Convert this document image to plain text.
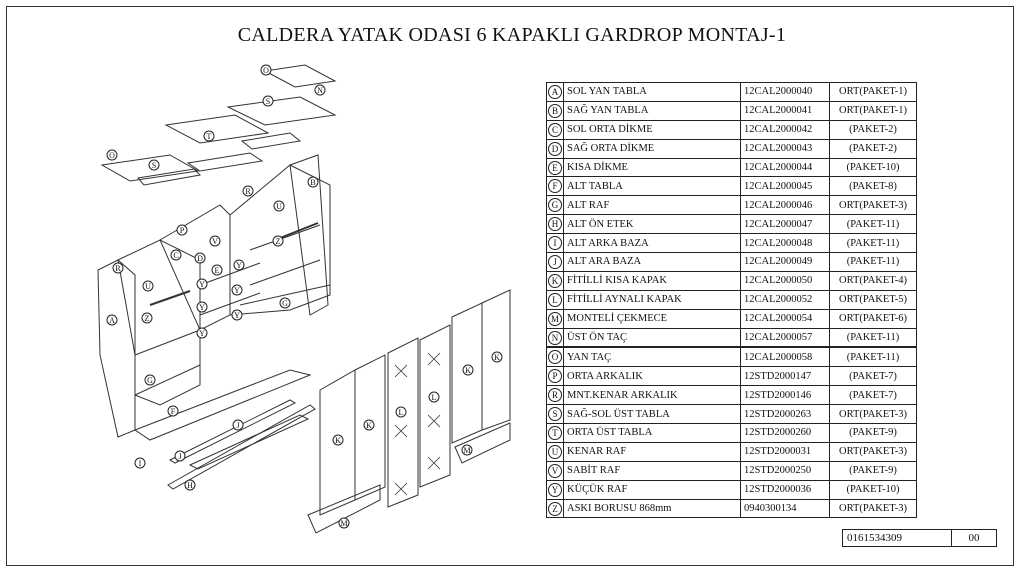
CALDERA YATAK ODASI 6 KAPAKLI GARDROP MONTAJ-1
O
N
S
T
O
S
B
R
U
P
V	Z
C D
R	E
Y
U	Y
Y
G
Y
Z	Y
A
Y
G
F
J
J
I
H
K
K
L
L
K
K
M
M
A	SOL YAN TABLA	12CAL2000040	ORT(PAKET-1)
B	SAĞ YAN TABLA	12CAL2000041	ORT(PAKET-1)
C	SOL ORTA DİKME	12CAL2000042	(PAKET-2)
D	SAĞ ORTA DİKME	12CAL2000043	(PAKET-2)
E	KISA DİKME	12CAL2000044	(PAKET-10)
F	ALT TABLA	12CAL2000045	(PAKET-8)
G	ALT RAF	12CAL2000046	ORT(PAKET-3)
H	ALT ÖN ETEK	12CAL2000047	(PAKET-11)
I	ALT ARKA BAZA	12CAL2000048	(PAKET-11)
J	ALT ARA BAZA	12CAL2000049	(PAKET-11)
K	FİTİLLİ KISA KAPAK	12CAL2000050	ORT(PAKET-4)
L	FİTİLLİ AYNALI KAPAK	12CAL2000052	ORT(PAKET-5)
M	MONTELİ ÇEKMECE	12CAL2000054	ORT(PAKET-6)
N	ÜST ÖN TAÇ	12CAL2000057	(PAKET-11)
O	YAN TAÇ	12CAL2000058	(PAKET-11)
P	ORTA ARKALIK	12STD2000147	(PAKET-7)
R	MNT.KENAR ARKALIK	12STD2000146	(PAKET-7)
S	SAĞ-SOL ÜST TABLA	12STD2000263	ORT(PAKET-3)
T	ORTA ÜST TABLA	12STD2000260	(PAKET-9)
U	KENAR RAF	12STD2000031	ORT(PAKET-3)
V	SABİT RAF	12STD2000250	(PAKET-9)
Y	KÜÇÜK RAF	12STD2000036	(PAKET-10)
Z	ASKI BORUSU 868mm	0940300134	ORT(PAKET-3)
0161534309	00
